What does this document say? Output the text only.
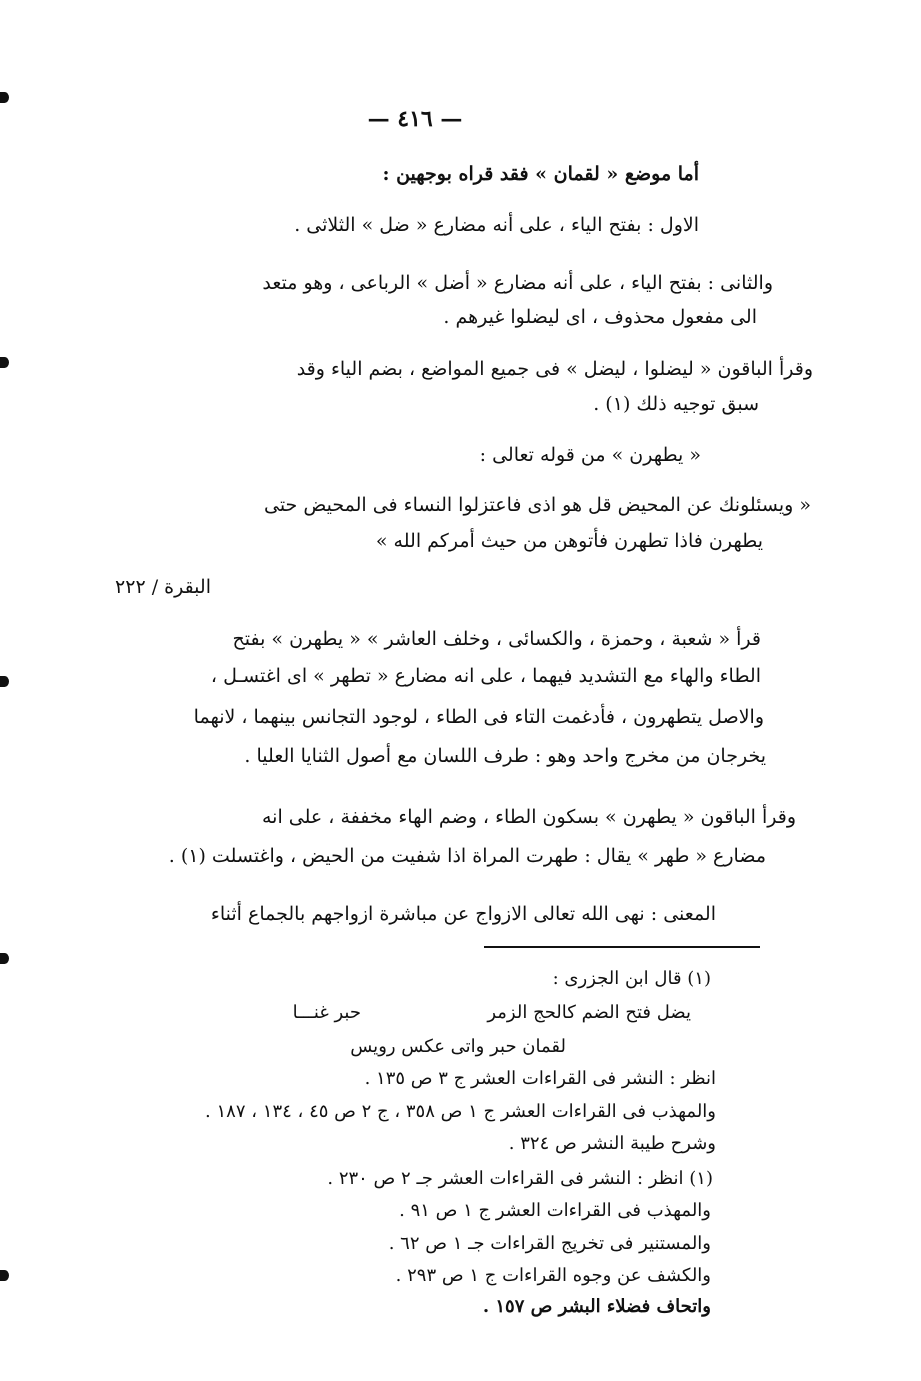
— ٤١٦ —
أما موضع « لقمان » فقد قراه بوجهين :
الاول : بفتح الياء ، على أنه مضارع « ضل » الثلاثى .
والثانى : بفتح الياء ، على أنه مضارع « أضل » الرباعى ، وهو متعد
الى مفعول محذوف ، اى ليضلوا غيرهم .
وقرأ الباقون « ليضلوا ، ليضل » فى جميع المواضع ، بضم الياء وقد
سبق توجيه ذلك (١) .
« يطهرن » من قوله تعالى :
« ويسئلونك عن المحيض قل هو اذى فاعتزلوا النساء فى المحيض حتى
يطهرن فاذا تطهرن فأتوهن من حيث أمركم الله »
البقرة / ٢٢٢
قرأ « شعبة ، وحمزة ، والكسائى ، وخلف العاشر » « يطهرن » بفتح
الطاء والهاء مع التشديد فيهما ، على انه مضارع « تطهر » اى اغتسـل ،
والاصل يتطهرون ، فأدغمت التاء فى الطاء ، لوجود التجانس بينهما ، لانهما
يخرجان من مخرج واحد وهو : طرف اللسان مع أصول الثنايا العليا .
وقرأ الباقون « يطهرن » بسكون الطاء ، وضم الهاء مخففة ، على انه
مضارع « طهر » يقال : طهرت المراة اذا شفيت من الحيض ، واغتسلت (١) .
المعنى : نهى الله تعالى الازواج عن مباشرة ازواجهم بالجماع أثناء
(١) قال ابن الجزرى :
يضل فتح الضم كالحج الزمر
حبر غنـــا
لقمان حبر واتى عكس رويس
انظر : النشر فى القراءات العشر ج ٣ ص ١٣٥ .
والمهذب فى القراءات العشر ج ١ ص ٣٥٨ ، ج ٢ ص ٤٥ ، ١٣٤ ، ١٨٧ .
وشرح طيبة النشر ص ٣٢٤ .
(١) انظر : النشر فى القراءات العشر جـ ٢ ص ٢٣٠ .
والمهذب فى القراءات العشر ج ١ ص ٩١ .
والمستنير فى تخريج القراءات جـ ١ ص ٦٢ .
والكشف عن وجوه القراءات ج ١ ص ٢٩٣ .
واتحاف فضلاء البشر ص ١٥٧ .
